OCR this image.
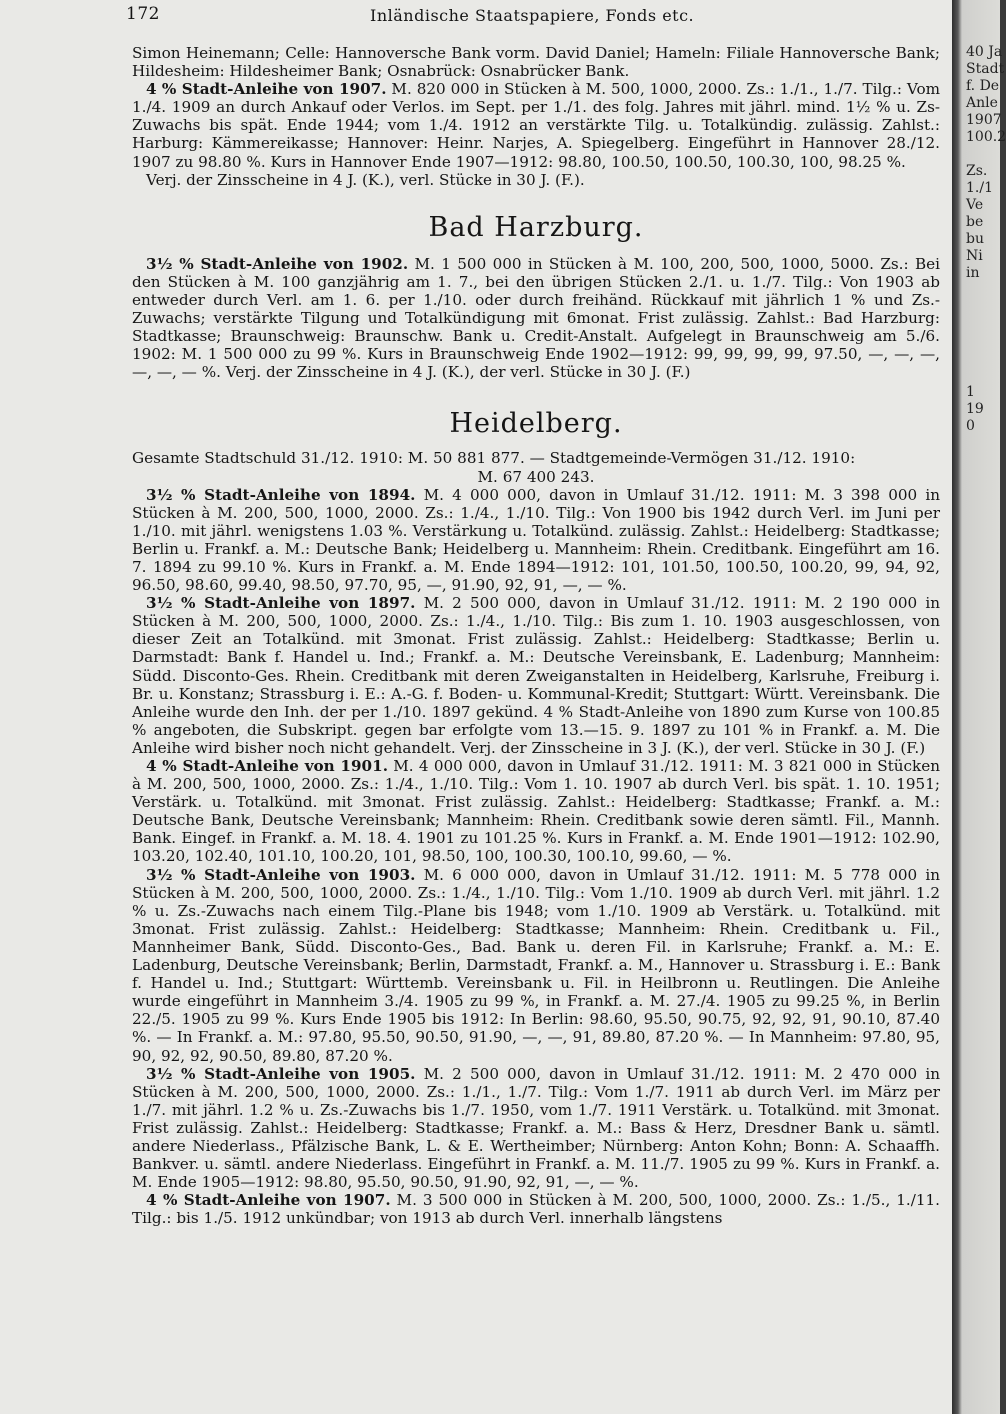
172	Inländische Staatspapiere, Fonds etc.

Simon Heinemann; Celle: Hannoversche Bank vorm. David Daniel; Hameln: Filiale Hannoversche Bank; Hildesheim: Hildesheimer Bank; Osnabrück: Osnabrücker Bank.

4 % Stadt-Anleihe von 1907. M. 820 000 in Stücken à M. 500, 1000, 2000. Zs.: 1./1., 1./7. Tilg.: Vom 1./4. 1909 an durch Ankauf oder Verlos. im Sept. per 1./1. des folg. Jahres mit jährl. mind. 1½ % u. Zs-Zuwachs bis spät. Ende 1944; vom 1./4. 1912 an verstärkte Tilg. u. Totalkündig. zulässig. Zahlst.: Harburg: Kämmereikasse; Hannover: Heinr. Narjes, A. Spiegelberg. Eingeführt in Hannover 28./12. 1907 zu 98.80 %. Kurs in Hannover Ende 1907—1912: 98.80, 100.50, 100.50, 100.30, 100, 98.25 %.

Verj. der Zinsscheine in 4 J. (K.), verl. Stücke in 30 J. (F.).

Bad Harzburg.

3½ % Stadt-Anleihe von 1902. M. 1 500 000 in Stücken à M. 100, 200, 500, 1000, 5000. Zs.: Bei den Stücken à M. 100 ganzjährig am 1. 7., bei den übrigen Stücken 2./1. u. 1./7. Tilg.: Von 1903 ab entweder durch Verl. am 1. 6. per 1./10. oder durch freihänd. Rückkauf mit jährlich 1 % und Zs.-Zuwachs; verstärkte Tilgung und Totalkündigung mit 6monat. Frist zulässig. Zahlst.: Bad Harzburg: Stadtkasse; Braunschweig: Braunschw. Bank u. Credit-Anstalt. Aufgelegt in Braunschweig am 5./6. 1902: M. 1 500 000 zu 99 %. Kurs in Braunschweig Ende 1902—1912: 99, 99, 99, 99, 97.50, —, —, —, —, —, — %. Verj. der Zinsscheine in 4 J. (K.), der verl. Stücke in 30 J. (F.)

Heidelberg.

Gesamte Stadtschuld 31./12. 1910: M. 50 881 877. — Stadtgemeinde-Vermögen 31./12. 1910:

M. 67 400 243.

3½ % Stadt-Anleihe von 1894. M. 4 000 000, davon in Umlauf 31./12. 1911: M. 3 398 000 in Stücken à M. 200, 500, 1000, 2000. Zs.: 1./4., 1./10. Tilg.: Von 1900 bis 1942 durch Verl. im Juni per 1./10. mit jährl. wenigstens 1.03 %. Verstärkung u. Totalkünd. zulässig. Zahlst.: Heidelberg: Stadtkasse; Berlin u. Frankf. a. M.: Deutsche Bank; Heidelberg u. Mannheim: Rhein. Creditbank. Eingeführt am 16. 7. 1894 zu 99.10 %. Kurs in Frankf. a. M. Ende 1894—1912: 101, 101.50, 100.50, 100.20, 99, 94, 92, 96.50, 98.60, 99.40, 98.50, 97.70, 95, —, 91.90, 92, 91, —, — %.

3½ % Stadt-Anleihe von 1897. M. 2 500 000, davon in Umlauf 31./12. 1911: M. 2 190 000 in Stücken à M. 200, 500, 1000, 2000. Zs.: 1./4., 1./10. Tilg.: Bis zum 1. 10. 1903 ausgeschlossen, von dieser Zeit an Totalkünd. mit 3monat. Frist zulässig. Zahlst.: Heidelberg: Stadtkasse; Berlin u. Darmstadt: Bank f. Handel u. Ind.; Frankf. a. M.: Deutsche Vereinsbank, E. Ladenburg; Mannheim: Südd. Disconto-Ges. Rhein. Creditbank mit deren Zweiganstalten in Heidelberg, Karlsruhe, Freiburg i. Br. u. Konstanz; Strassburg i. E.: A.-G. f. Boden- u. Kommunal-Kredit; Stuttgart: Württ. Vereinsbank. Die Anleihe wurde den Inh. der per 1./10. 1897 gekünd. 4 % Stadt-Anleihe von 1890 zum Kurse von 100.85 % angeboten, die Subskript. gegen bar erfolgte vom 13.—15. 9. 1897 zu 101 % in Frankf. a. M. Die Anleihe wird bisher noch nicht gehandelt. Verj. der Zinsscheine in 3 J. (K.), der verl. Stücke in 30 J. (F.)

4 % Stadt-Anleihe von 1901. M. 4 000 000, davon in Umlauf 31./12. 1911: M. 3 821 000 in Stücken à M. 200, 500, 1000, 2000. Zs.: 1./4., 1./10. Tilg.: Vom 1. 10. 1907 ab durch Verl. bis spät. 1. 10. 1951; Verstärk. u. Totalkünd. mit 3monat. Frist zulässig. Zahlst.: Heidelberg: Stadtkasse; Frankf. a. M.: Deutsche Bank, Deutsche Vereinsbank; Mannheim: Rhein. Creditbank sowie deren sämtl. Fil., Mannh. Bank. Eingef. in Frankf. a. M. 18. 4. 1901 zu 101.25 %. Kurs in Frankf. a. M. Ende 1901—1912: 102.90, 103.20, 102.40, 101.10, 100.20, 101, 98.50, 100, 100.30, 100.10, 99.60, — %.

3½ % Stadt-Anleihe von 1903. M. 6 000 000, davon in Umlauf 31./12. 1911: M. 5 778 000 in Stücken à M. 200, 500, 1000, 2000. Zs.: 1./4., 1./10. Tilg.: Vom 1./10. 1909 ab durch Verl. mit jährl. 1.2 % u. Zs.-Zuwachs nach einem Tilg.-Plane bis 1948; vom 1./10. 1909 ab Verstärk. u. Totalkünd. mit 3monat. Frist zulässig. Zahlst.: Heidelberg: Stadtkasse; Mannheim: Rhein. Creditbank u. Fil., Mannheimer Bank, Südd. Disconto-Ges., Bad. Bank u. deren Fil. in Karlsruhe; Frankf. a. M.: E. Ladenburg, Deutsche Vereinsbank; Berlin, Darmstadt, Frankf. a. M., Hannover u. Strassburg i. E.: Bank f. Handel u. Ind.; Stuttgart: Württemb. Vereinsbank u. Fil. in Heilbronn u. Reutlingen. Die Anleihe wurde eingeführt in Mannheim 3./4. 1905 zu 99 %, in Frankf. a. M. 27./4. 1905 zu 99.25 %, in Berlin 22./5. 1905 zu 99 %. Kurs Ende 1905 bis 1912: In Berlin: 98.60, 95.50, 90.75, 92, 92, 91, 90.10, 87.40 %. — In Frankf. a. M.: 97.80, 95.50, 90.50, 91.90, —, —, 91, 89.80, 87.20 %. — In Mannheim: 97.80, 95, 90, 92, 92, 90.50, 89.80, 87.20 %.

3½ % Stadt-Anleihe von 1905. M. 2 500 000, davon in Umlauf 31./12. 1911: M. 2 470 000 in Stücken à M. 200, 500, 1000, 2000. Zs.: 1./1., 1./7. Tilg.: Vom 1./7. 1911 ab durch Verl. im März per 1./7. mit jährl. 1.2 % u. Zs.-Zuwachs bis 1./7. 1950, vom 1./7. 1911 Verstärk. u. Totalkünd. mit 3monat. Frist zulässig. Zahlst.: Heidelberg: Stadtkasse; Frankf. a. M.: Bass & Herz, Dresdner Bank u. sämtl. andere Niederlass., Pfälzische Bank, L. & E. Wertheimber; Nürnberg: Anton Kohn; Bonn: A. Schaaffh. Bankver. u. sämtl. andere Niederlass. Eingeführt in Frankf. a. M. 11./7. 1905 zu 99 %. Kurs in Frankf. a. M. Ende 1905—1912: 98.80, 95.50, 90.50, 91.90, 92, 91, —, — %.

4 % Stadt-Anleihe von 1907. M. 3 500 000 in Stücken à M. 200, 500, 1000, 2000. Zs.: 1./5., 1./11. Tilg.: bis 1./5. 1912 unkündbar; von 1913 ab durch Verl. innerhalb längstens

40 Ja
Stadt
f. De
Anle
1907
100.2
Zs.
1./1
Ve
be
bu
Ni
in
1
19
0
